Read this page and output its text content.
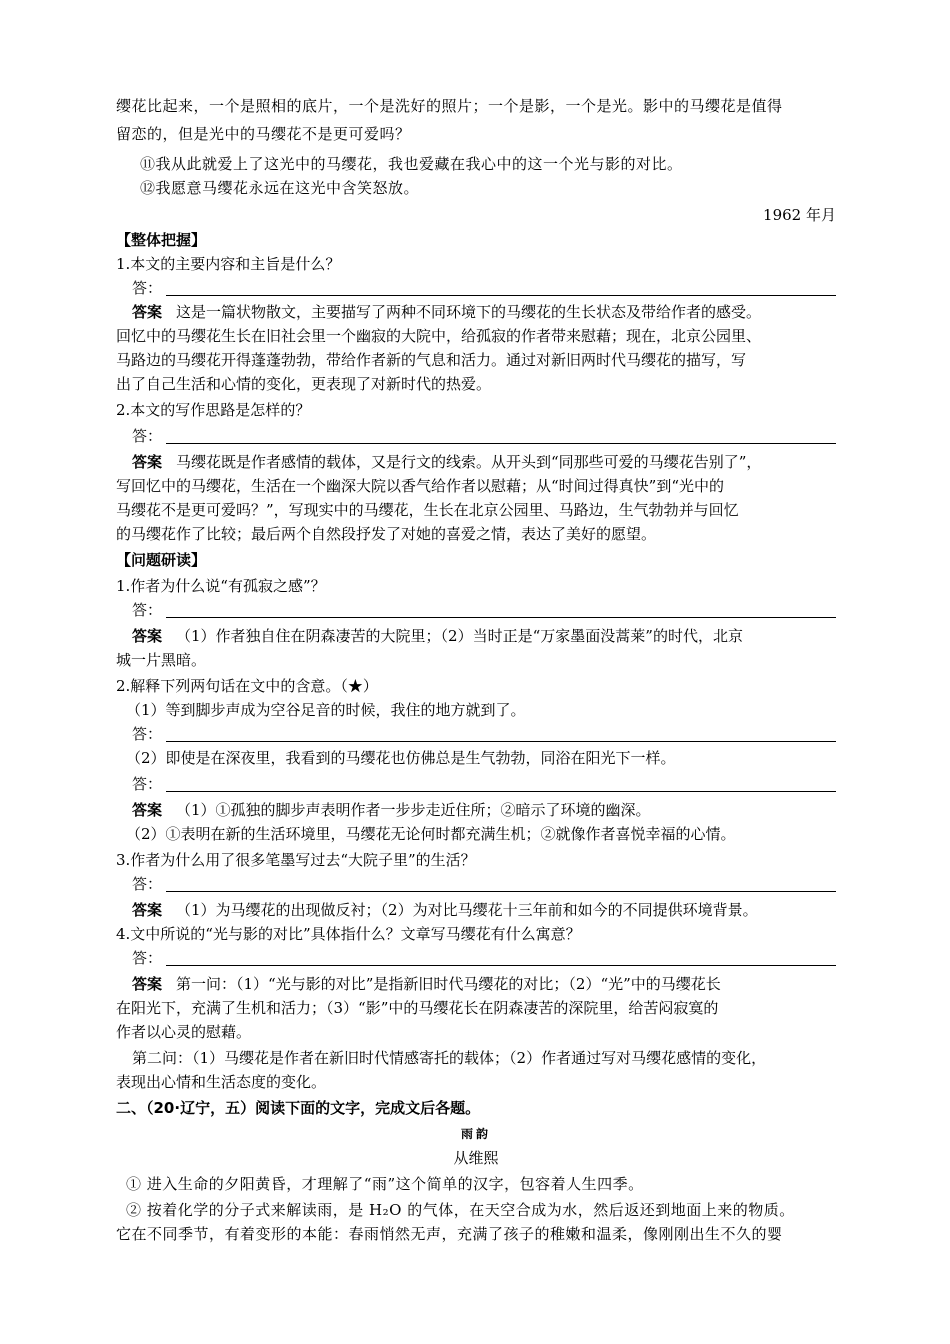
缨花比起来，一个是照相的底片，一个是洗好的照片；一个是影，一个是光。影中的马缨花是值得
留恋的，但是光中的马缨花不是更可爱吗？
⑪我从此就爱上了这光中的马缨花，我也爱藏在我心中的这一个光与影的对比。
⑫我愿意马缨花永远在这光中含笑怒放。
1962 年月
【整体把握】
1.本文的主要内容和主旨是什么？
答：
答案 这是一篇状物散文，主要描写了两种不同环境下的马缨花的生长状态及带给作者的感受。
回忆中的马缨花生长在旧社会里一个幽寂的大院中，给孤寂的作者带来慰藉；现在，北京公园里、
马路边的马缨花开得蓬蓬勃勃，带给作者新的气息和活力。通过对新旧两时代马缨花的描写，写
出了自己生活和心情的变化，更表现了对新时代的热爱。
2.本文的写作思路是怎样的？
答：
答案 马缨花既是作者感情的载体，又是行文的线索。从开头到“同那些可爱的马缨花告别了”，
写回忆中的马缨花，生活在一个幽深大院以香气给作者以慰藉；从“时间过得真快”到“光中的
马缨花不是更可爱吗？”，写现实中的马缨花，生长在北京公园里、马路边，生气勃勃并与回忆
的马缨花作了比较；最后两个自然段抒发了对她的喜爱之情，表达了美好的愿望。
【问题研读】
1.作者为什么说“有孤寂之感”？
答：
答案 （1）作者独自住在阴森凄苦的大院里；（2）当时正是“万家墨面没蒿莱”的时代，北京
城一片黑暗。
2.解释下列两句话在文中的含意。（★）
（1）等到脚步声成为空谷足音的时候，我住的地方就到了。
答：
（2）即使是在深夜里，我看到的马缨花也仿佛总是生气勃勃，同浴在阳光下一样。
答：
答案 （1）①孤独的脚步声表明作者一步步走近住所；②暗示了环境的幽深。
（2）①表明在新的生活环境里，马缨花无论何时都充满生机；②就像作者喜悦幸福的心情。
3.作者为什么用了很多笔墨写过去“大院子里”的生活？
答：
答案 （1）为马缨花的出现做反衬；（2）为对比马缨花十三年前和如今的不同提供环境背景。
4.文中所说的“光与影的对比”具体指什么？文章写马缨花有什么寓意？
答：
答案 第一问：（1）“光与影的对比”是指新旧时代马缨花的对比；（2）“光”中的马缨花长
在阳光下，充满了生机和活力；（3）“影”中的马缨花长在阴森凄苦的深院里，给苦闷寂寞的
作者以心灵的慰藉。
第二问：（1）马缨花是作者在新旧时代情感寄托的载体；（2）作者通过写对马缨花感情的变化，
表现出心情和生活态度的变化。
二、（20·辽宁，五）阅读下面的文字，完成文后各题。
雨韵
从维熙
① 进入生命的夕阳黄昏，才理解了“雨”这个简单的汉字，包容着人生四季。
② 按着化学的分子式来解读雨，是 H₂O 的气体，在天空合成为水，然后返还到地面上来的物质。
它在不同季节，有着变形的本能：春雨悄然无声，充满了孩子的稚嫩和温柔，像刚刚出生不久的婴
